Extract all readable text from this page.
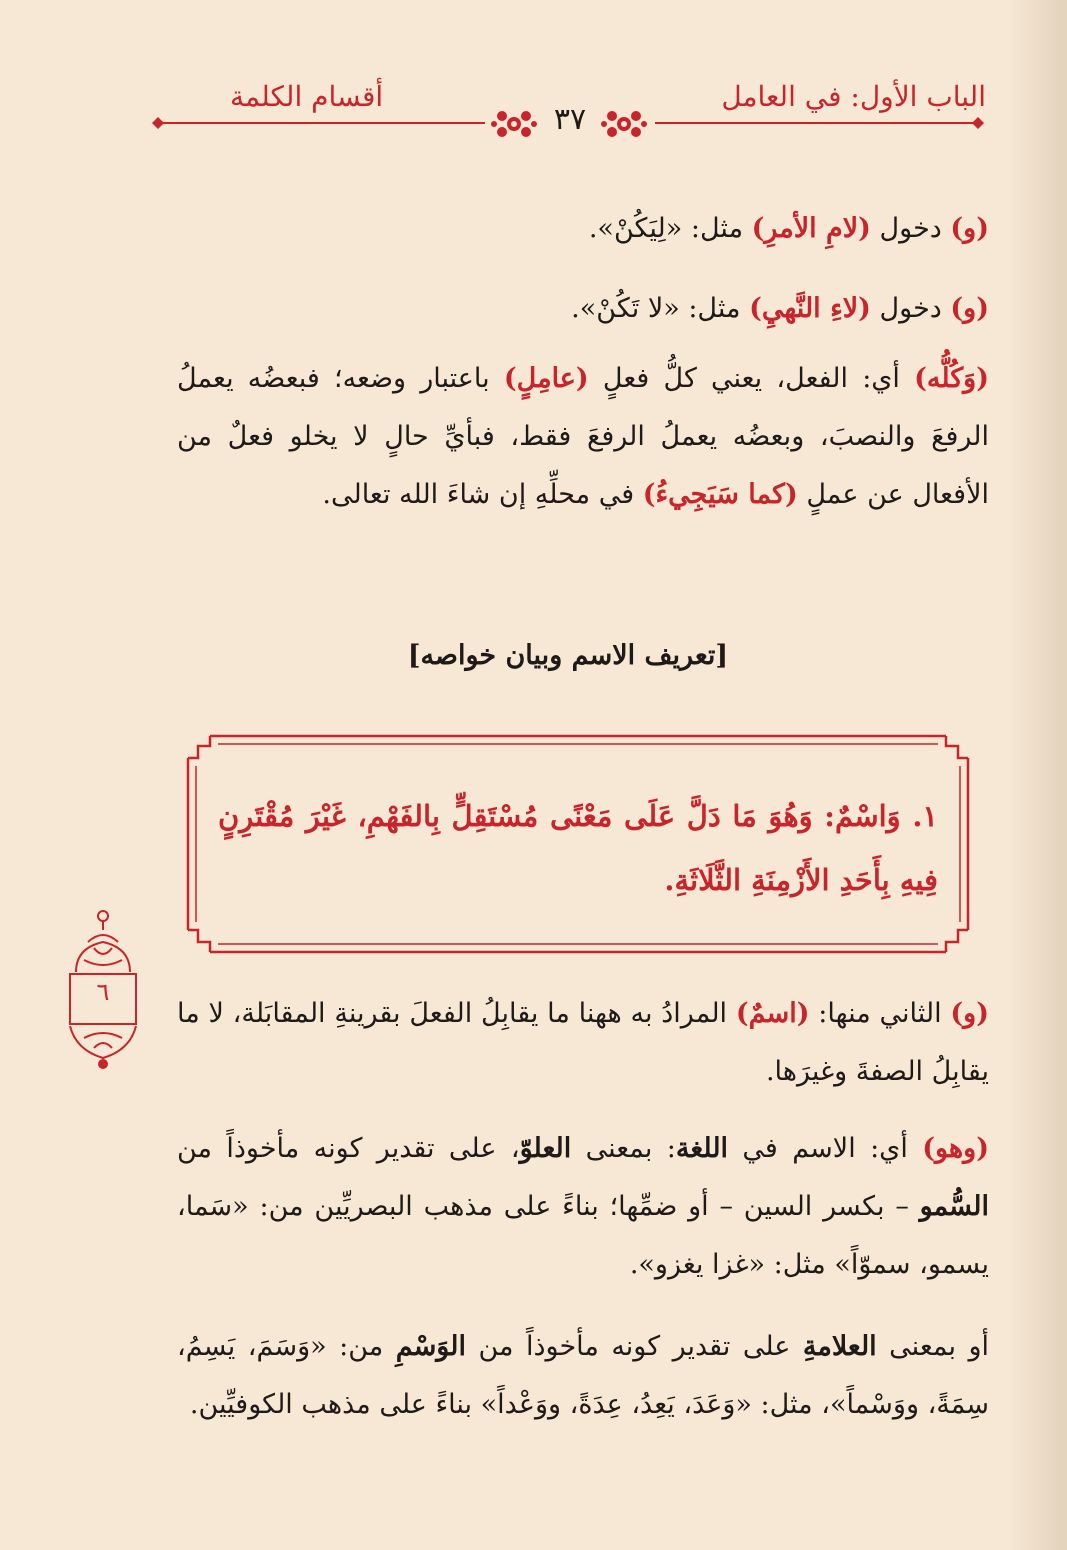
الباب الأول: في العامل
أقسام الكلمة
٣٧
(و) دخول (لامِ الأمرِ) مثل: «لِيَكُنْ».
(و) دخول (لاءِ النَّهيِ) مثل: «لا تَكُنْ».
(وَكُلُّه) أي: الفعل، يعني كلُّ فعلٍ (عامِلٍ) باعتبار وضعه؛ فبعضُه يعملُ الرفعَ والنصبَ، وبعضُه يعملُ الرفعَ فقط، فبأيِّ حالٍ لا يخلو فعلٌ من الأفعال عن عملٍ (كما سَيَجِيءُ) في محلِّهِ إن شاءَ الله تعالى.
[تعريف الاسم وبيان خواصه]
١. وَاسْمٌ: وَهُوَ مَا دَلَّ عَلَى مَعْنًى مُسْتَقِلٍّ بِالفَهْمِ، غَيْرَ مُقْتَرِنٍ فِيهِ بِأَحَدِ الأَزْمِنَةِ الثَّلَاثَةِ.
٦
(و) الثاني منها: (اسمٌ) المرادُ به ههنا ما يقابِلُ الفعلَ بقرينةِ المقابَلة، لا ما يقابِلُ الصفةَ وغيرَها.
(وهو) أي: الاسم في اللغة: بمعنى العلوّ، على تقدير كونه مأخوذاً من السُّمو – بكسر السين – أو ضمِّها؛ بناءً على مذهب البصريِّين من: «سَما، يسمو، سموّاً» مثل: «غزا يغزو».
أو بمعنى العلامةِ على تقدير كونه مأخوذاً من الوَسْمِ من: «وَسَمَ، يَسِمُ، سِمَةً، ووَسْماً»، مثل: «وَعَدَ، يَعِدُ، عِدَةً، ووَعْداً» بناءً على مذهب الكوفيِّين.
